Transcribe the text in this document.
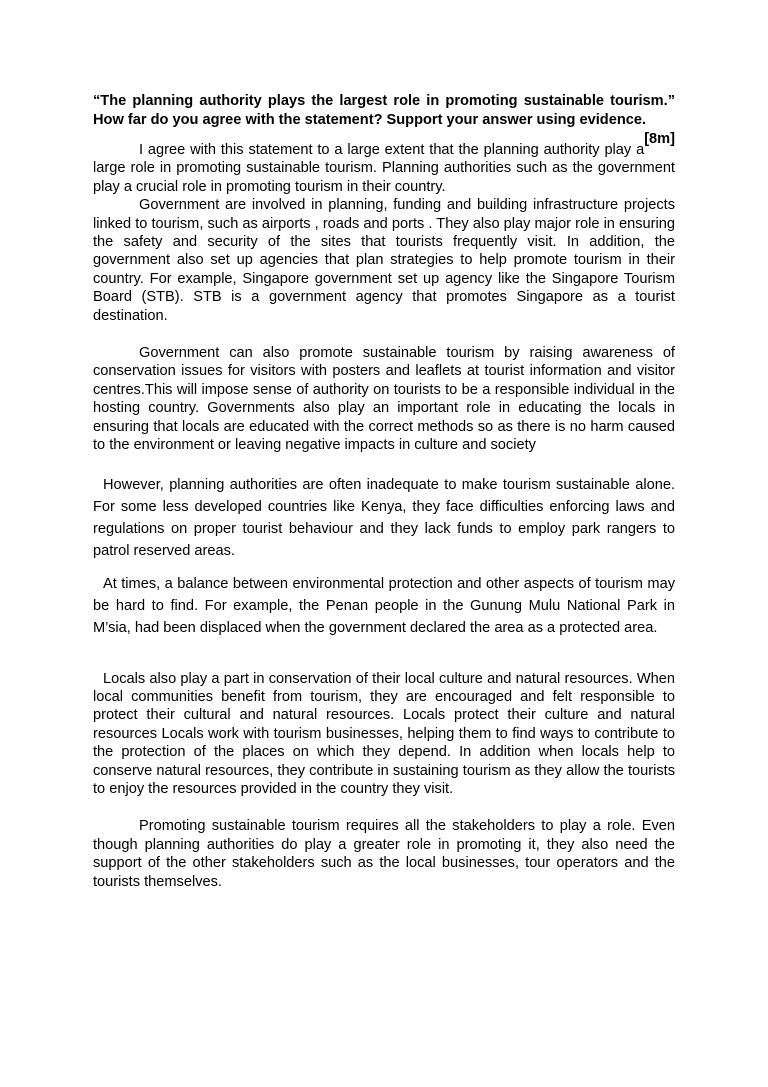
“The planning authority plays the largest role in promoting sustainable tourism.” How far do you agree with the statement? Support your answer using evidence.
[8m]

I agree with this statement to a large extent that the planning authority play a large role in promoting sustainable tourism. Planning authorities such as the government play a crucial role in promoting tourism in their country.

Government are involved in planning, funding and building infrastructure projects linked to tourism, such as airports , roads and ports . They also play major role in ensuring the safety and security of the sites that tourists frequently visit. In addition, the government also set up agencies that plan strategies to help promote tourism in their country. For example, Singapore government set up agency like the Singapore Tourism Board (STB). STB is a government agency that promotes Singapore as a tourist destination.

Government can also promote sustainable tourism by raising awareness of conservation issues for visitors with posters and leaflets at tourist information and visitor centres.This will impose sense of authority on tourists to be a responsible individual in the hosting country. Governments also play an important role in educating the locals in ensuring that locals are educated with the correct methods so as there is no harm caused to the environment or leaving negative impacts in culture and society

However, planning authorities are often inadequate to make tourism sustainable alone. For some less developed countries like Kenya, they face difficulties enforcing laws and regulations on proper tourist behaviour and they lack funds to employ park rangers to patrol reserved areas.

At times, a balance between environmental protection and other aspects of tourism may be hard to find. For example, the Penan people in the Gunung Mulu National Park in M’sia, had been displaced when the government declared the area as a protected area.

Locals also play a part in conservation of their local culture and natural resources. When local communities benefit from tourism, they are encouraged and felt responsible to protect their cultural and natural resources. Locals protect their culture and natural resources Locals work with tourism businesses, helping them to find ways to contribute to the protection of the places on which they depend. In addition when locals help to conserve natural resources, they contribute in sustaining tourism as they allow the tourists to enjoy the resources provided in the country they visit.

Promoting sustainable tourism requires all the stakeholders to play a role. Even though planning authorities do play a greater role in promoting it, they also need the support of the other stakeholders such as the local businesses, tour operators and the tourists themselves.
